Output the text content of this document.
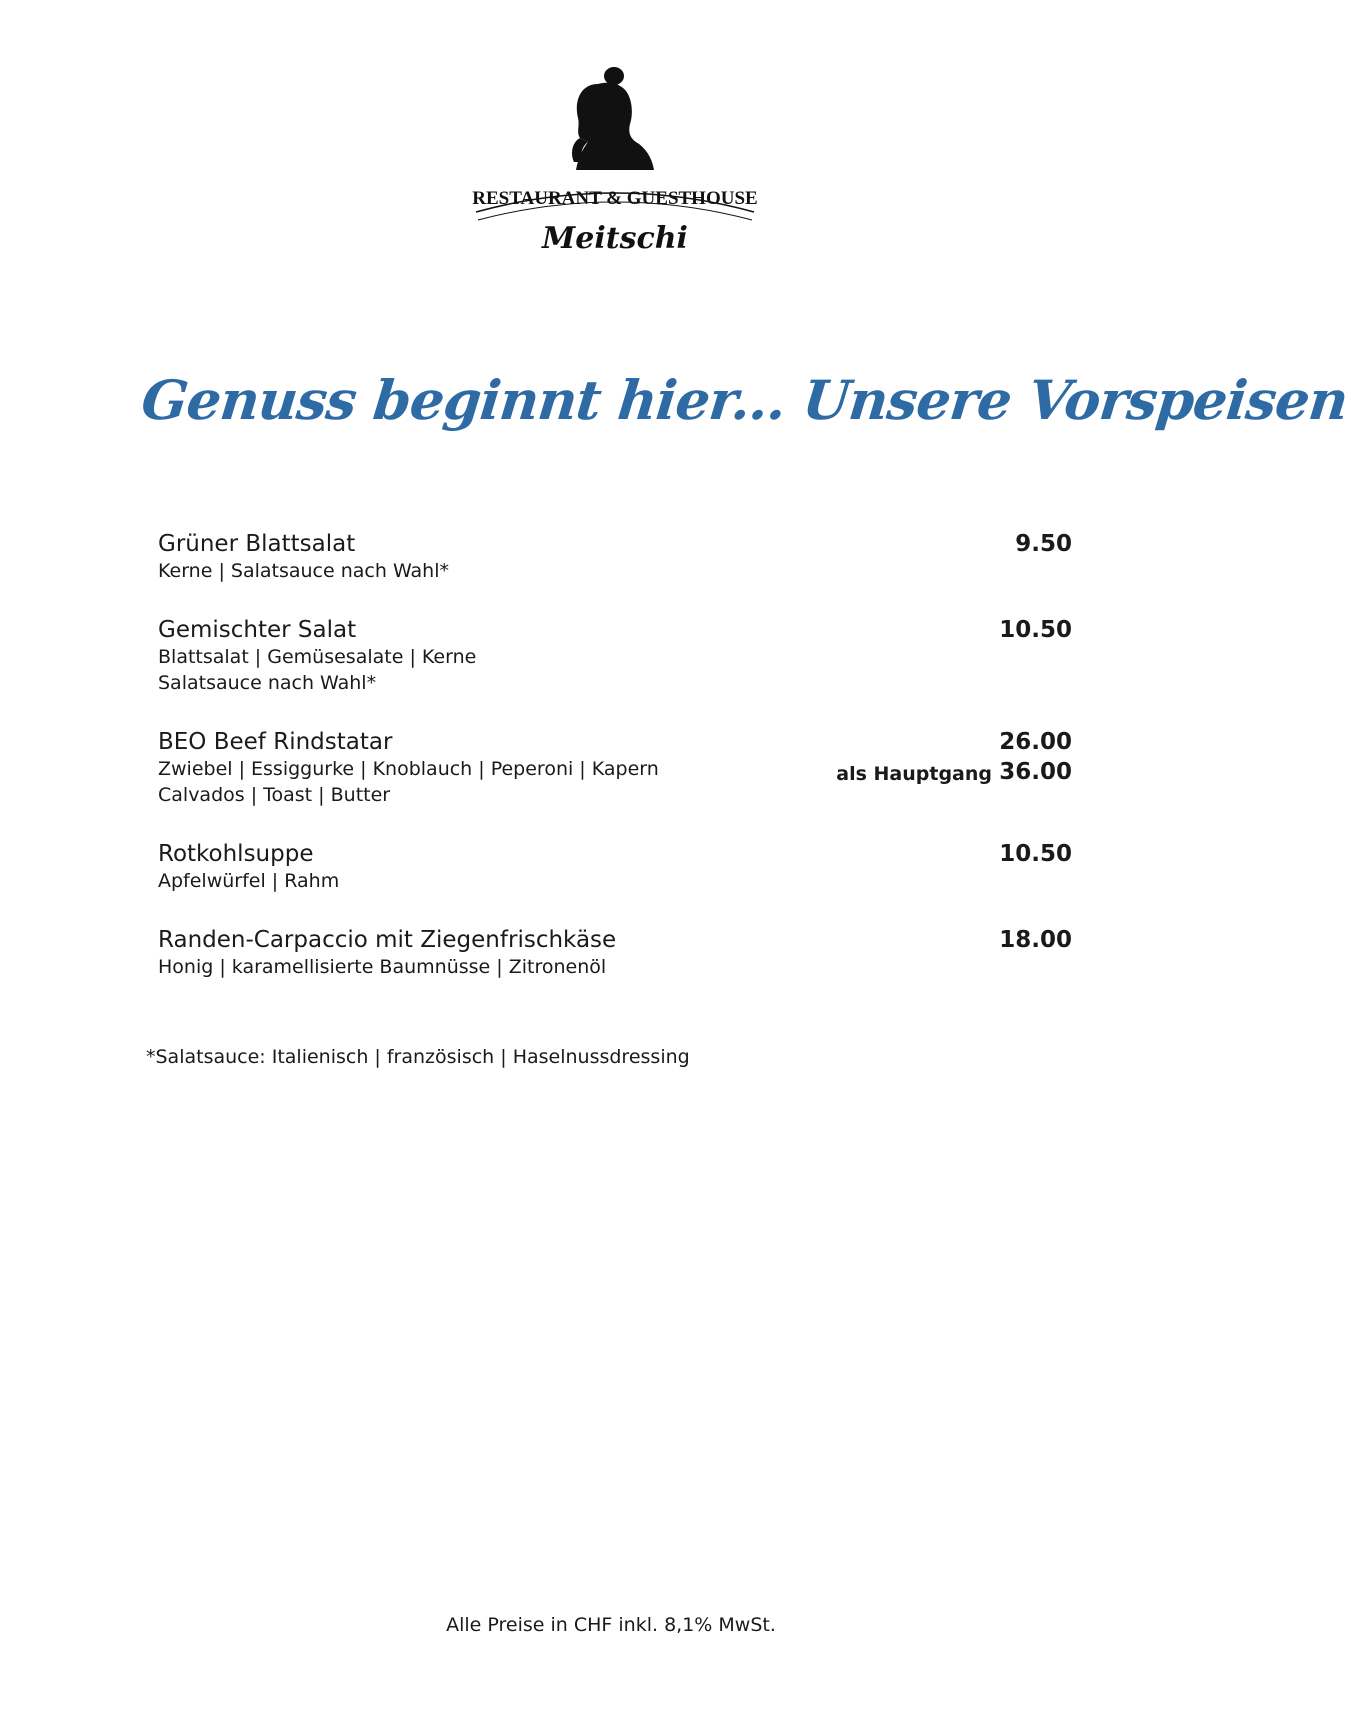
RESTAURANT & GUESTHOUSE
Meitschi
Genuss beginnt hier... Unsere Vorspeisen
Grüner Blattsalat
Kerne | Salatsauce nach Wahl*
9.50
Gemischter Salat
Blattsalat | Gemüsesalate | Kerne
Salatsauce nach Wahl*
10.50
BEO Beef Rindstatar
Zwiebel | Essiggurke | Knoblauch | Peperoni | Kapern
Calvados | Toast | Butter
26.00
als Hauptgang 36.00
Rotkohlsuppe
Apfelwürfel | Rahm
10.50
Randen-Carpaccio mit Ziegenfrischkäse
Honig | karamellisierte Baumnüsse | Zitronenöl
18.00
*Salatsauce: Italienisch | französisch | Haselnussdressing
Alle Preise in CHF inkl. 8,1% MwSt.
